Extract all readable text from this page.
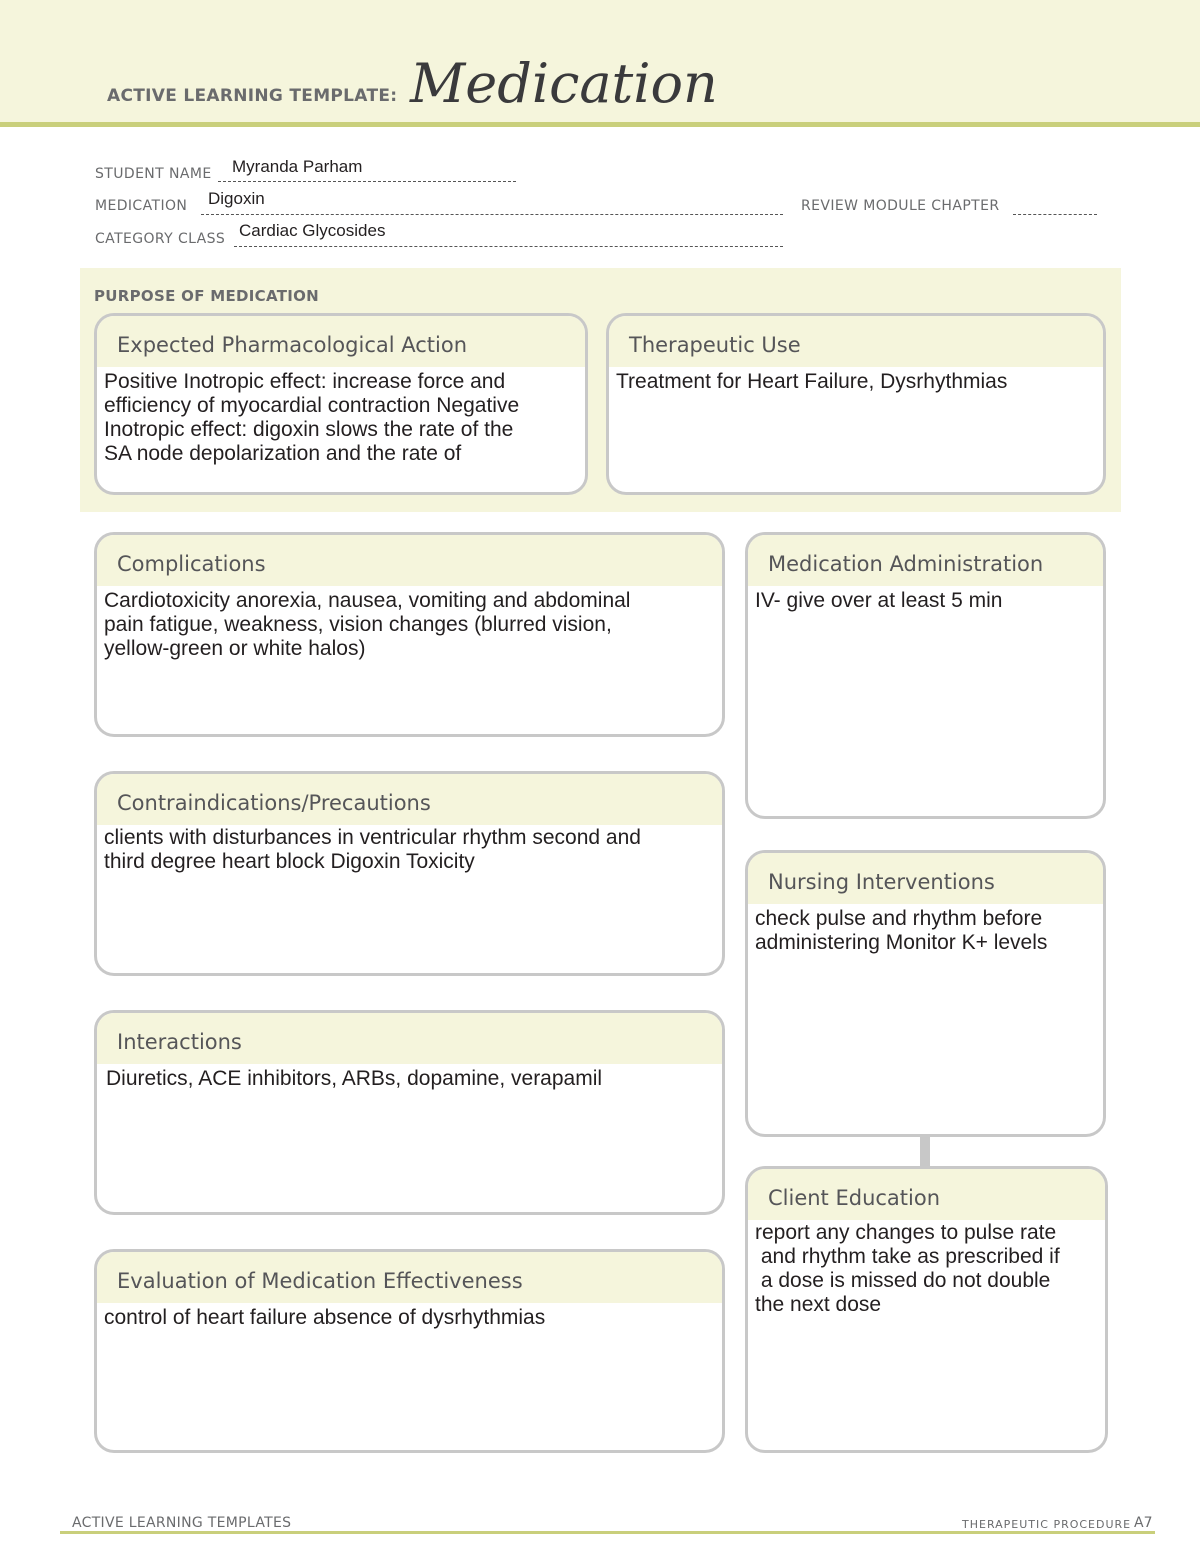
ACTIVE LEARNING TEMPLATE: Medication
STUDENT NAME Myranda Parham
MEDICATION Digoxin	REVIEW MODULE CHAPTER
CATEGORY CLASS Cardiac Glycosides
PURPOSE OF MEDICATION
Expected Pharmacological Action
Positive Inotropic effect: increase force and
efficiency of myocardial contraction Negative
Inotropic effect: digoxin slows the rate of the
SA node depolarization and the rate of
Therapeutic Use
Treatment for Heart Failure, Dysrhythmias
Complications
Cardiotoxicity anorexia, nausea, vomiting and abdominal
pain fatigue, weakness, vision changes (blurred vision,
yellow-green or white halos)
Contraindications/Precautions
clients with disturbances in ventricular rhythm second and
third degree heart block Digoxin Toxicity
Interactions
Diuretics, ACE inhibitors, ARBs, dopamine, verapamil
Evaluation of Medication Effectiveness
control of heart failure absence of dysrhythmias
Medication Administration
IV- give over at least 5 min
Nursing Interventions
check pulse and rhythm before
administering Monitor K+ levels
Client Education
report any changes to pulse rate
and rhythm take as prescribed if
a dose is missed do not double
the next dose
ACTIVE LEARNING TEMPLATES	THERAPEUTIC PROCEDURE A7
